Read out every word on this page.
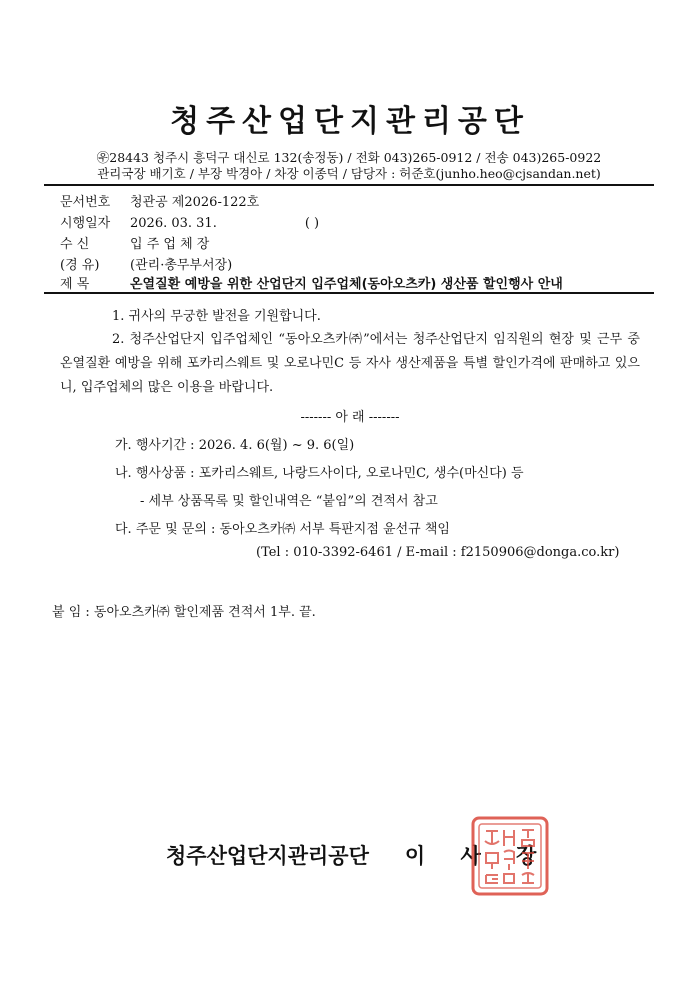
청주산업단지관리공단
㉾28443 청주시 흥덕구 대신로 132(송정동) / 전화 043)265-0912 / 전송 043)265-0922
관리국장 배기호 / 부장 박경아 / 차장 이종덕 / 담당자 : 허준호(junho.heo@cjsandan.net)
문서번호 청관공 제2026-122호
시행일자 2026. 03. 31.	( )
수 신	입 주 업 체 장
(경 유) (관리·총무부서장)
제 목	온열질환 예방을 위한 산업단지 입주업체(동아오츠카) 생산품 할인행사 안내
1. 귀사의 무궁한 발전을 기원합니다.
2. 청주산업단지 입주업체인 “동아오츠카㈜”에서는 청주산업단지 임직원의 현장 및 근무 중 온열질환 예방을 위해 포카리스웨트 및 오로나민C 등 자사 생산제품을 특별 할인가격에 판매하고 있으니, 입주업체의 많은 이용을 바랍니다.
------- 아 래 -------
가. 행사기간 : 2026. 4. 6(월) ~ 9. 6(일)
나. 행사상품 : 포카리스웨트, 나랑드사이다, 오로나민C, 생수(마신다) 등
- 세부 상품목록 및 할인내역은 “붙임”의 견적서 참고
다. 주문 및 문의 : 동아오츠카㈜ 서부 특판지점 윤선규 책임
(Tel : 010-3392-6461 / E-mail : f2150906@donga.co.kr)
붙 임 : 동아오츠카㈜ 할인제품 견적서 1부. 끝.
청주산업단지관리공단 이 사 장
